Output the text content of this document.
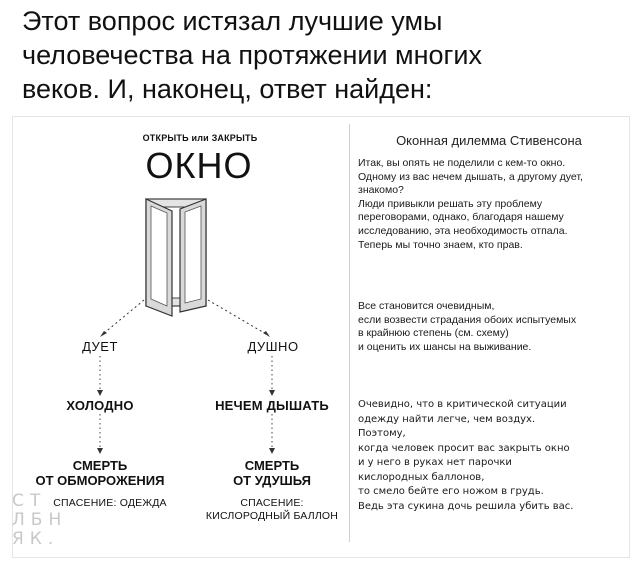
Этот вопрос истязал лучшие умы
человечества на протяжении многих
веков. И, наконец, ответ найден:
ОТКРЫТЬ или ЗАКРЫТЬ
ОКНО
ДУЕТ	ДУШНО
ХОЛОДНО	НЕЧЕМ ДЫШАТЬ
СМЕРТЬ
ОТ ОБМОРОЖЕНИЯ
СМЕРТЬ
ОТ УДУШЬЯ
СПАСЕНИЕ: ОДЕЖДА	СПАСЕНИЕ:
КИСЛОРОДНЫЙ БАЛЛОН
Оконная дилемма Стивенсона
Итак, вы опять не поделили с кем-то окно.
Одному из вас нечем дышать, а другому дует,
знакомо?
Люди привыкли решать эту проблему
переговорами, однако, благодаря нашему
исследованию, эта необходимость отпала.
Теперь мы точно знаем, кто прав.
Все становится очевидным,
если возвести страдания обоих испытуемых
в крайнюю степень (см. схему)
и оценить их шансы на выживание.
Очевидно, что в критической ситуации
одежду найти легче, чем воздух.
Поэтому,
когда человек просит вас закрыть окно
и у него в руках нет парочки
кислородных баллонов,
то смело бейте его ножом в грудь.
Ведь эта сукина дочь решила убить вас.
СТ
ЛБН
ЯК.
